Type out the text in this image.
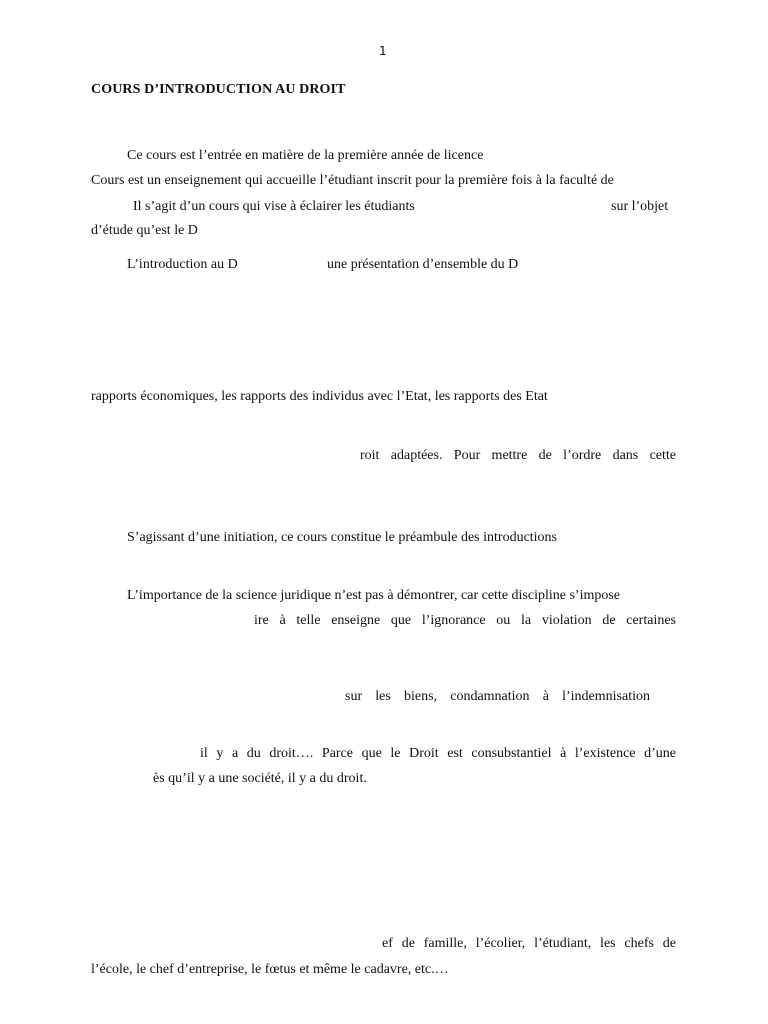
1
COURS D’INTRODUCTION AU DROIT
Ce cours est l’entrée en matière de la première année de licence
Cours est un enseignement qui accueille l’étudiant inscrit pour la première fois à la faculté de
Il s’agit d’un cours qui vise à éclairer les étudiants	sur l’objet
d’étude qu’est le D
L’introduction au D	une présentation d’ensemble du D
rapports économiques, les rapports des individus avec l’Etat, les rapports des Etat
roit adaptées. Pour mettre de l’ordre dans cette
S’agissant d’une initiation, ce cours constitue le préambule des introductions
L’importance de la science juridique n’est pas à démontrer, car cette discipline s’impose
ire à telle enseigne que l’ignorance ou la violation de certaines
sur les biens, condamnation à l’indemnisation
il y a du droit…. Parce que le Droit est consubstantiel à l’existence d’une
ès qu’il y a une société, il y a du droit.
ef de famille, l’écolier, l’étudiant, les chefs de
l’école, le chef d’entreprise, le fœtus et même le cadavre, etc.…
